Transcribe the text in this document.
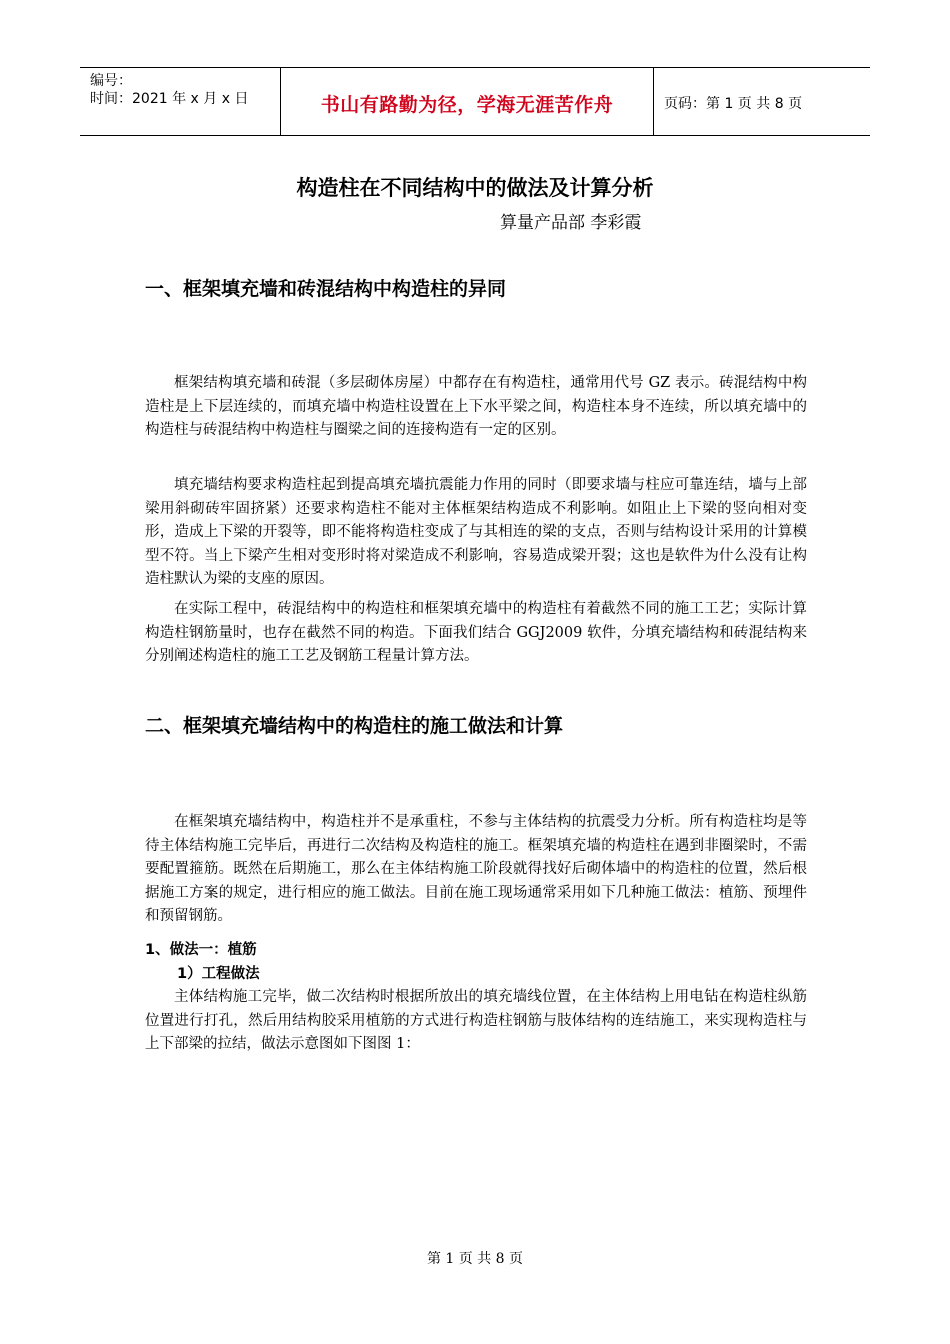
编号：
时间：2021 年 x 月 x 日	书山有路勤为径，学海无涯苦作舟	页码：第 1 页 共 8 页
构造柱在不同结构中的做法及计算分析
算量产品部 李彩霞
一、框架填充墙和砖混结构中构造柱的异同

框架结构填充墙和砖混（多层砌体房屋）中都存在有构造柱，通常用代号 GZ 表示。砖混结构中构造柱是上下层连续的，而填充墙中构造柱设置在上下水平梁之间，构造柱本身不连续，所以填充墙中的构造柱与砖混结构中构造柱与圈梁之间的连接构造有一定的区别。

填充墙结构要求构造柱起到提高填充墙抗震能力作用的同时（即要求墙与柱应可靠连结，墙与上部梁用斜砌砖牢固挤紧）还要求构造柱不能对主体框架结构造成不利影响。如阻止上下梁的竖向相对变形，造成上下梁的开裂等，即不能将构造柱变成了与其相连的梁的支点，否则与结构设计采用的计算模型不符。当上下梁产生相对变形时将对梁造成不利影响，容易造成梁开裂；这也是软件为什么没有让构造柱默认为梁的支座的原因。

在实际工程中，砖混结构中的构造柱和框架填充墙中的构造柱有着截然不同的施工工艺；实际计算构造柱钢筋量时，也存在截然不同的构造。下面我们结合 GGJ2009 软件，分填充墙结构和砖混结构来分别阐述构造柱的施工工艺及钢筋工程量计算方法。

二、框架填充墙结构中的构造柱的施工做法和计算

在框架填充墙结构中，构造柱并不是承重柱，不参与主体结构的抗震受力分析。所有构造柱均是等待主体结构施工完毕后，再进行二次结构及构造柱的施工。框架填充墙的构造柱在遇到非圈梁时，不需要配置箍筋。既然在后期施工，那么在主体结构施工阶段就得找好后砌体墙中的构造柱的位置，然后根据施工方案的规定，进行相应的施工做法。目前在施工现场通常采用如下几种施工做法：植筋、预埋件和预留钢筋。

1、做法一：植筋
1）工程做法

主体结构施工完毕，做二次结构时根据所放出的填充墙线位置，在主体结构上用电钻在构造柱纵筋位置进行打孔，然后用结构胶采用植筋的方式进行构造柱钢筋与肢体结构的连结施工，来实现构造柱与上下部梁的拉结，做法示意图如下图图 1：

第 1 页 共 8 页
